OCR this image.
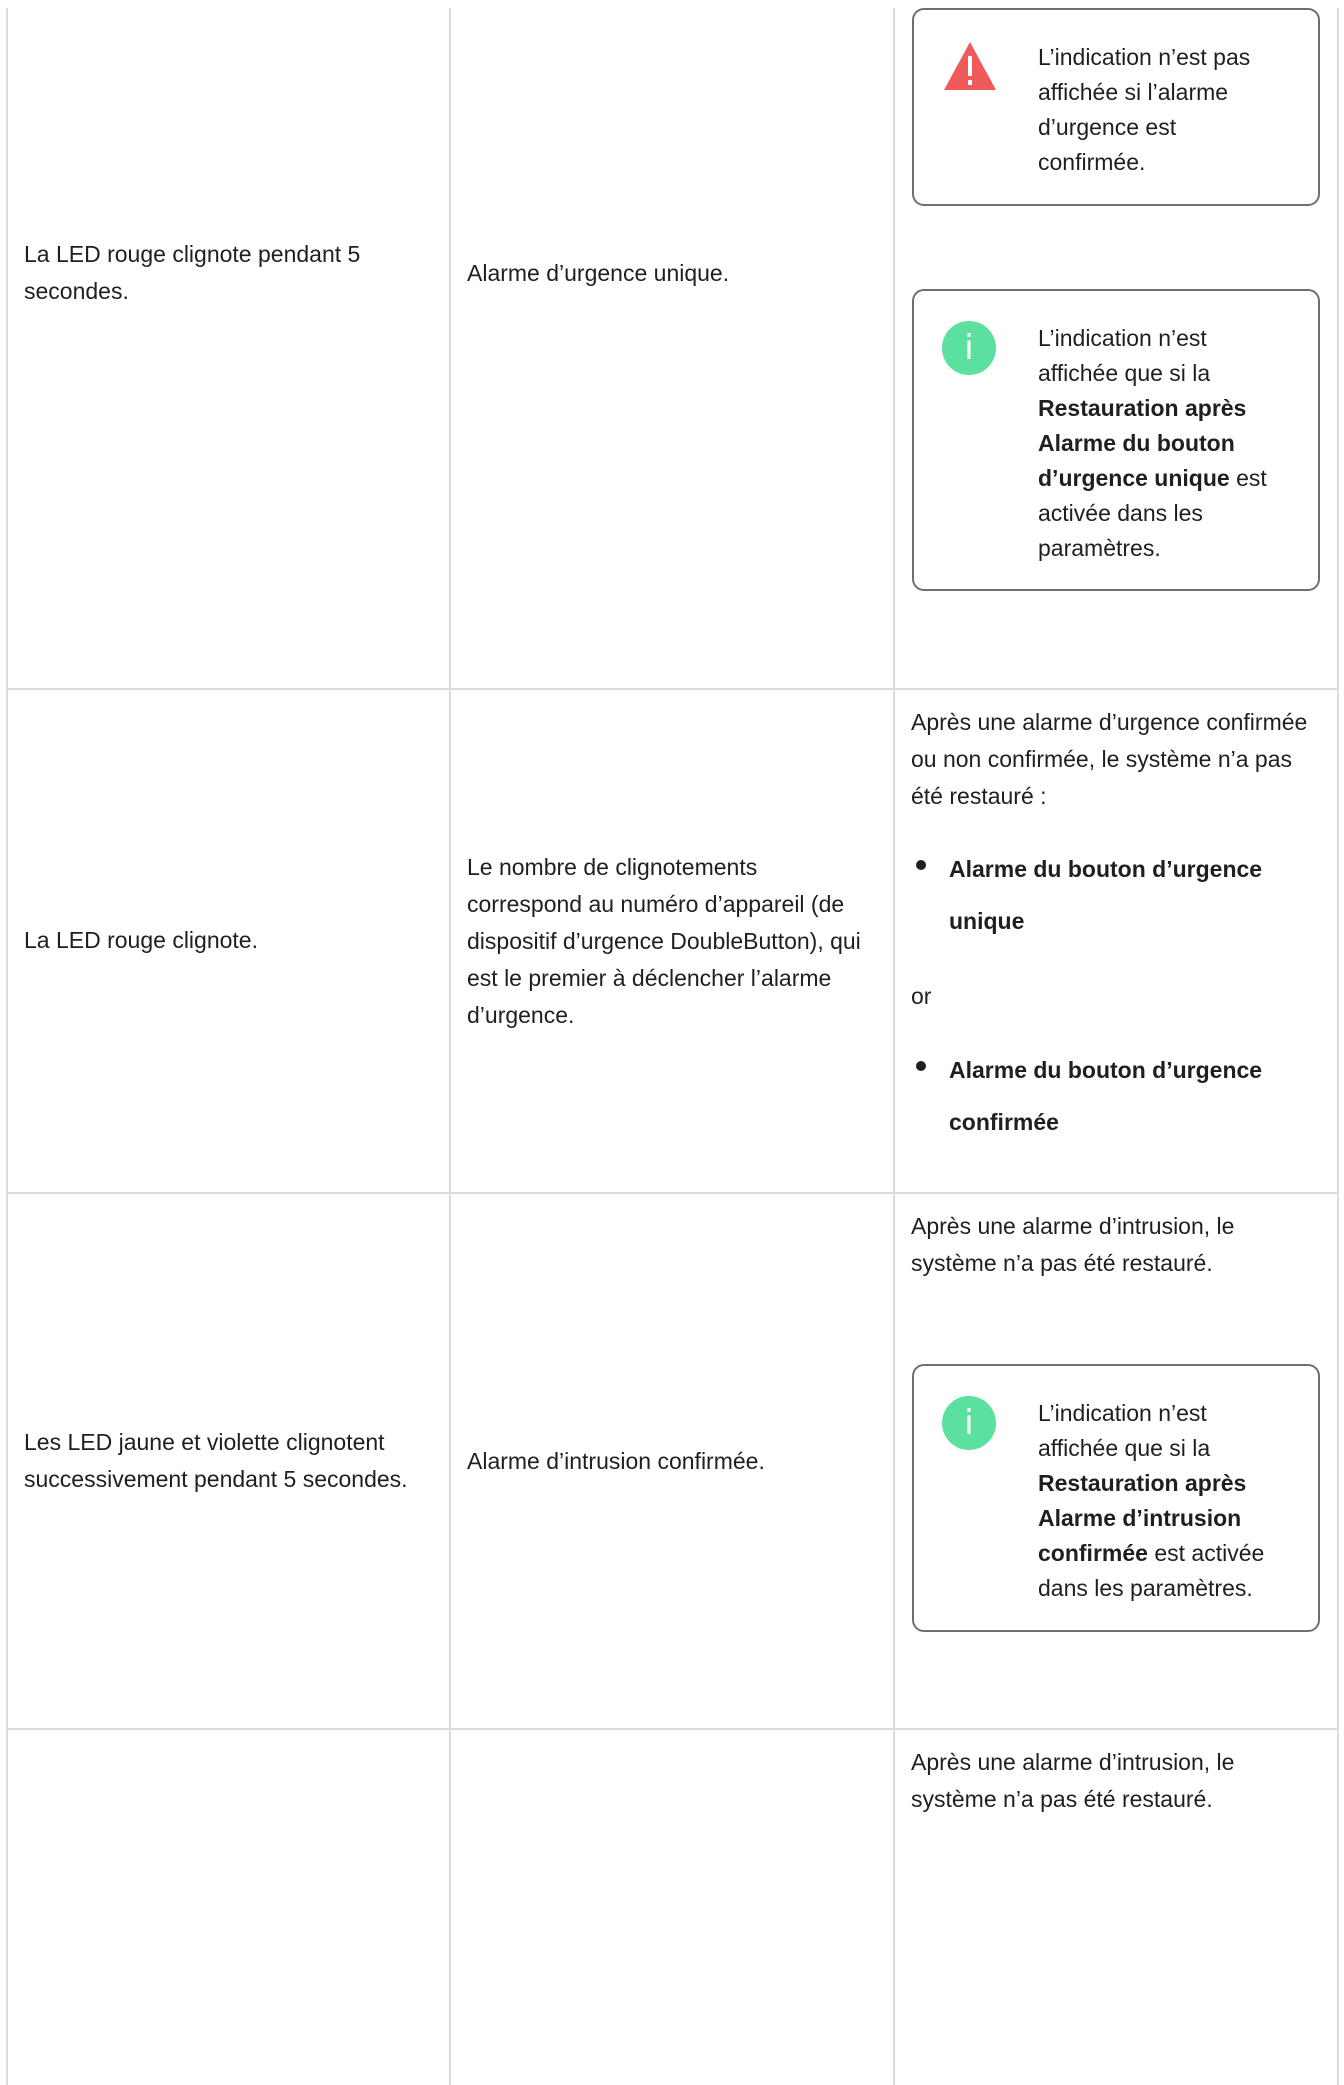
La LED rouge clignote pendant 5 secondes.
Alarme d’urgence unique.
L’indication n’est pas affichée si l’alarme d’urgence est confirmée.
i	L’indication n’est affichée que si la Restauration après Alarme du bouton d’urgence unique est activée dans les paramètres.
La LED rouge clignote.
Le nombre de clignotements correspond au numéro d’appareil (de dispositif d’urgence DoubleButton), qui est le premier à déclencher l’alarme d’urgence.
Après une alarme d’urgence confirmée ou non confirmée, le système n’a pas été restauré :
Alarme du bouton d’urgence unique
or
Alarme du bouton d’urgence confirmée
Les LED jaune et violette clignotent successivement pendant 5 secondes.
Alarme d’intrusion confirmée.
Après une alarme d’intrusion, le système n’a pas été restauré.
i	L’indication n’est affichée que si la Restauration après Alarme d’intrusion confirmée est activée dans les paramètres.
Après une alarme d’intrusion, le système n’a pas été restauré.
